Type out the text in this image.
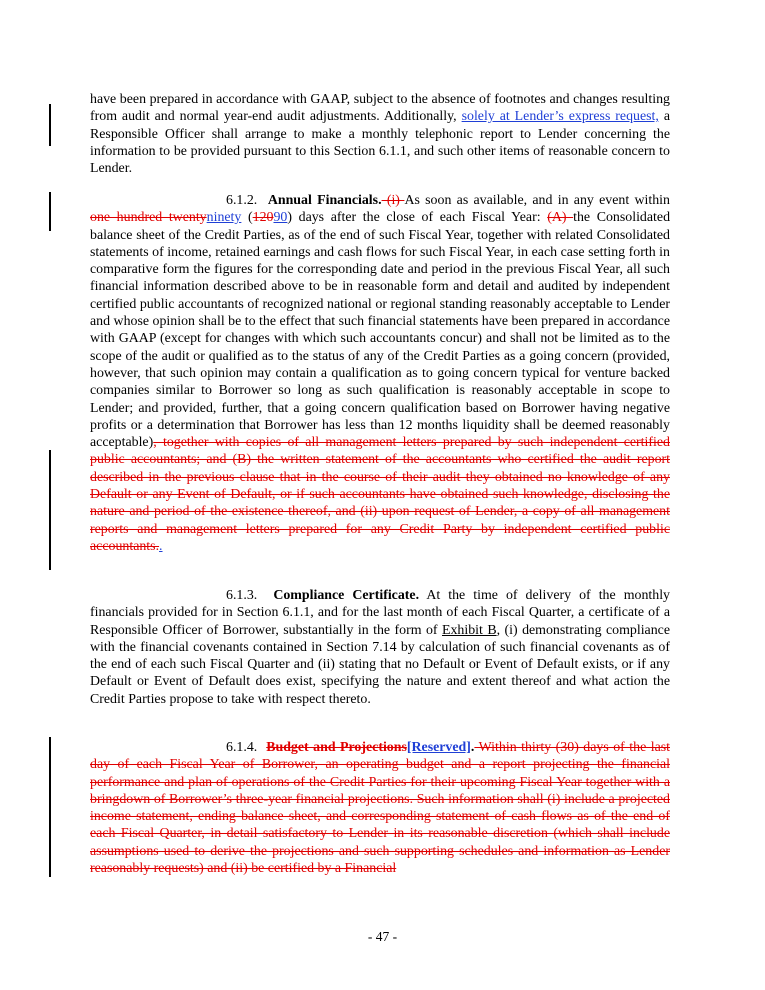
have been prepared in accordance with GAAP, subject to the absence of footnotes and changes resulting from audit and normal year-end audit adjustments. Additionally, solely at Lender’s express request, a Responsible Officer shall arrange to make a monthly telephonic report to Lender concerning the information to be provided pursuant to this Section 6.1.1, and such other items of reasonable concern to Lender.
6.1.2. Annual Financials. (i) As soon as available, and in any event within one hundred twentyninety (12090) days after the close of each Fiscal Year: (A) the Consolidated balance sheet of the Credit Parties, as of the end of such Fiscal Year, together with related Consolidated statements of income, retained earnings and cash flows for such Fiscal Year, in each case setting forth in comparative form the figures for the corresponding date and period in the previous Fiscal Year, all such financial information described above to be in reasonable form and detail and audited by independent certified public accountants of recognized national or regional standing reasonably acceptable to Lender and whose opinion shall be to the effect that such financial statements have been prepared in accordance with GAAP (except for changes with which such accountants concur) and shall not be limited as to the scope of the audit or qualified as to the status of any of the Credit Parties as a going concern (provided, however, that such opinion may contain a qualification as to going concern typical for venture backed companies similar to Borrower so long as such qualification is reasonably acceptable in scope to Lender; and provided, further, that a going concern qualification based on Borrower having negative profits or a determination that Borrower has less than 12 months liquidity shall be deemed reasonably acceptable), together with copies of all management letters prepared by such independent certified public accountants; and (B) the written statement of the accountants who certified the audit report described in the previous clause that in the course of their audit they obtained no knowledge of any Default or any Event of Default, or if such accountants have obtained such knowledge, disclosing the nature and period of the existence thereof, and (ii) upon request of Lender, a copy of all management reports and management letters prepared for any Credit Party by independent certified public accountants..
6.1.3. Compliance Certificate. At the time of delivery of the monthly financials provided for in Section 6.1.1, and for the last month of each Fiscal Quarter, a certificate of a Responsible Officer of Borrower, substantially in the form of Exhibit B, (i) demonstrating compliance with the financial covenants contained in Section 7.14 by calculation of such financial covenants as of the end of each such Fiscal Quarter and (ii) stating that no Default or Event of Default exists, or if any Default or Event of Default does exist, specifying the nature and extent thereof and what action the Credit Parties propose to take with respect thereto.
6.1.4. Budget and Projections[Reserved]. Within thirty (30) days of the last day of each Fiscal Year of Borrower, an operating budget and a report projecting the financial performance and plan of operations of the Credit Parties for their upcoming Fiscal Year together with a bringdown of Borrower’s three-year financial projections. Such information shall (i) include a projected income statement, ending balance sheet, and corresponding statement of cash flows as of the end of each Fiscal Quarter, in detail satisfactory to Lender in its reasonable discretion (which shall include assumptions used to derive the projections and such supporting schedules and information as Lender reasonably requests) and (ii) be certified by a Financial
- 47 -
